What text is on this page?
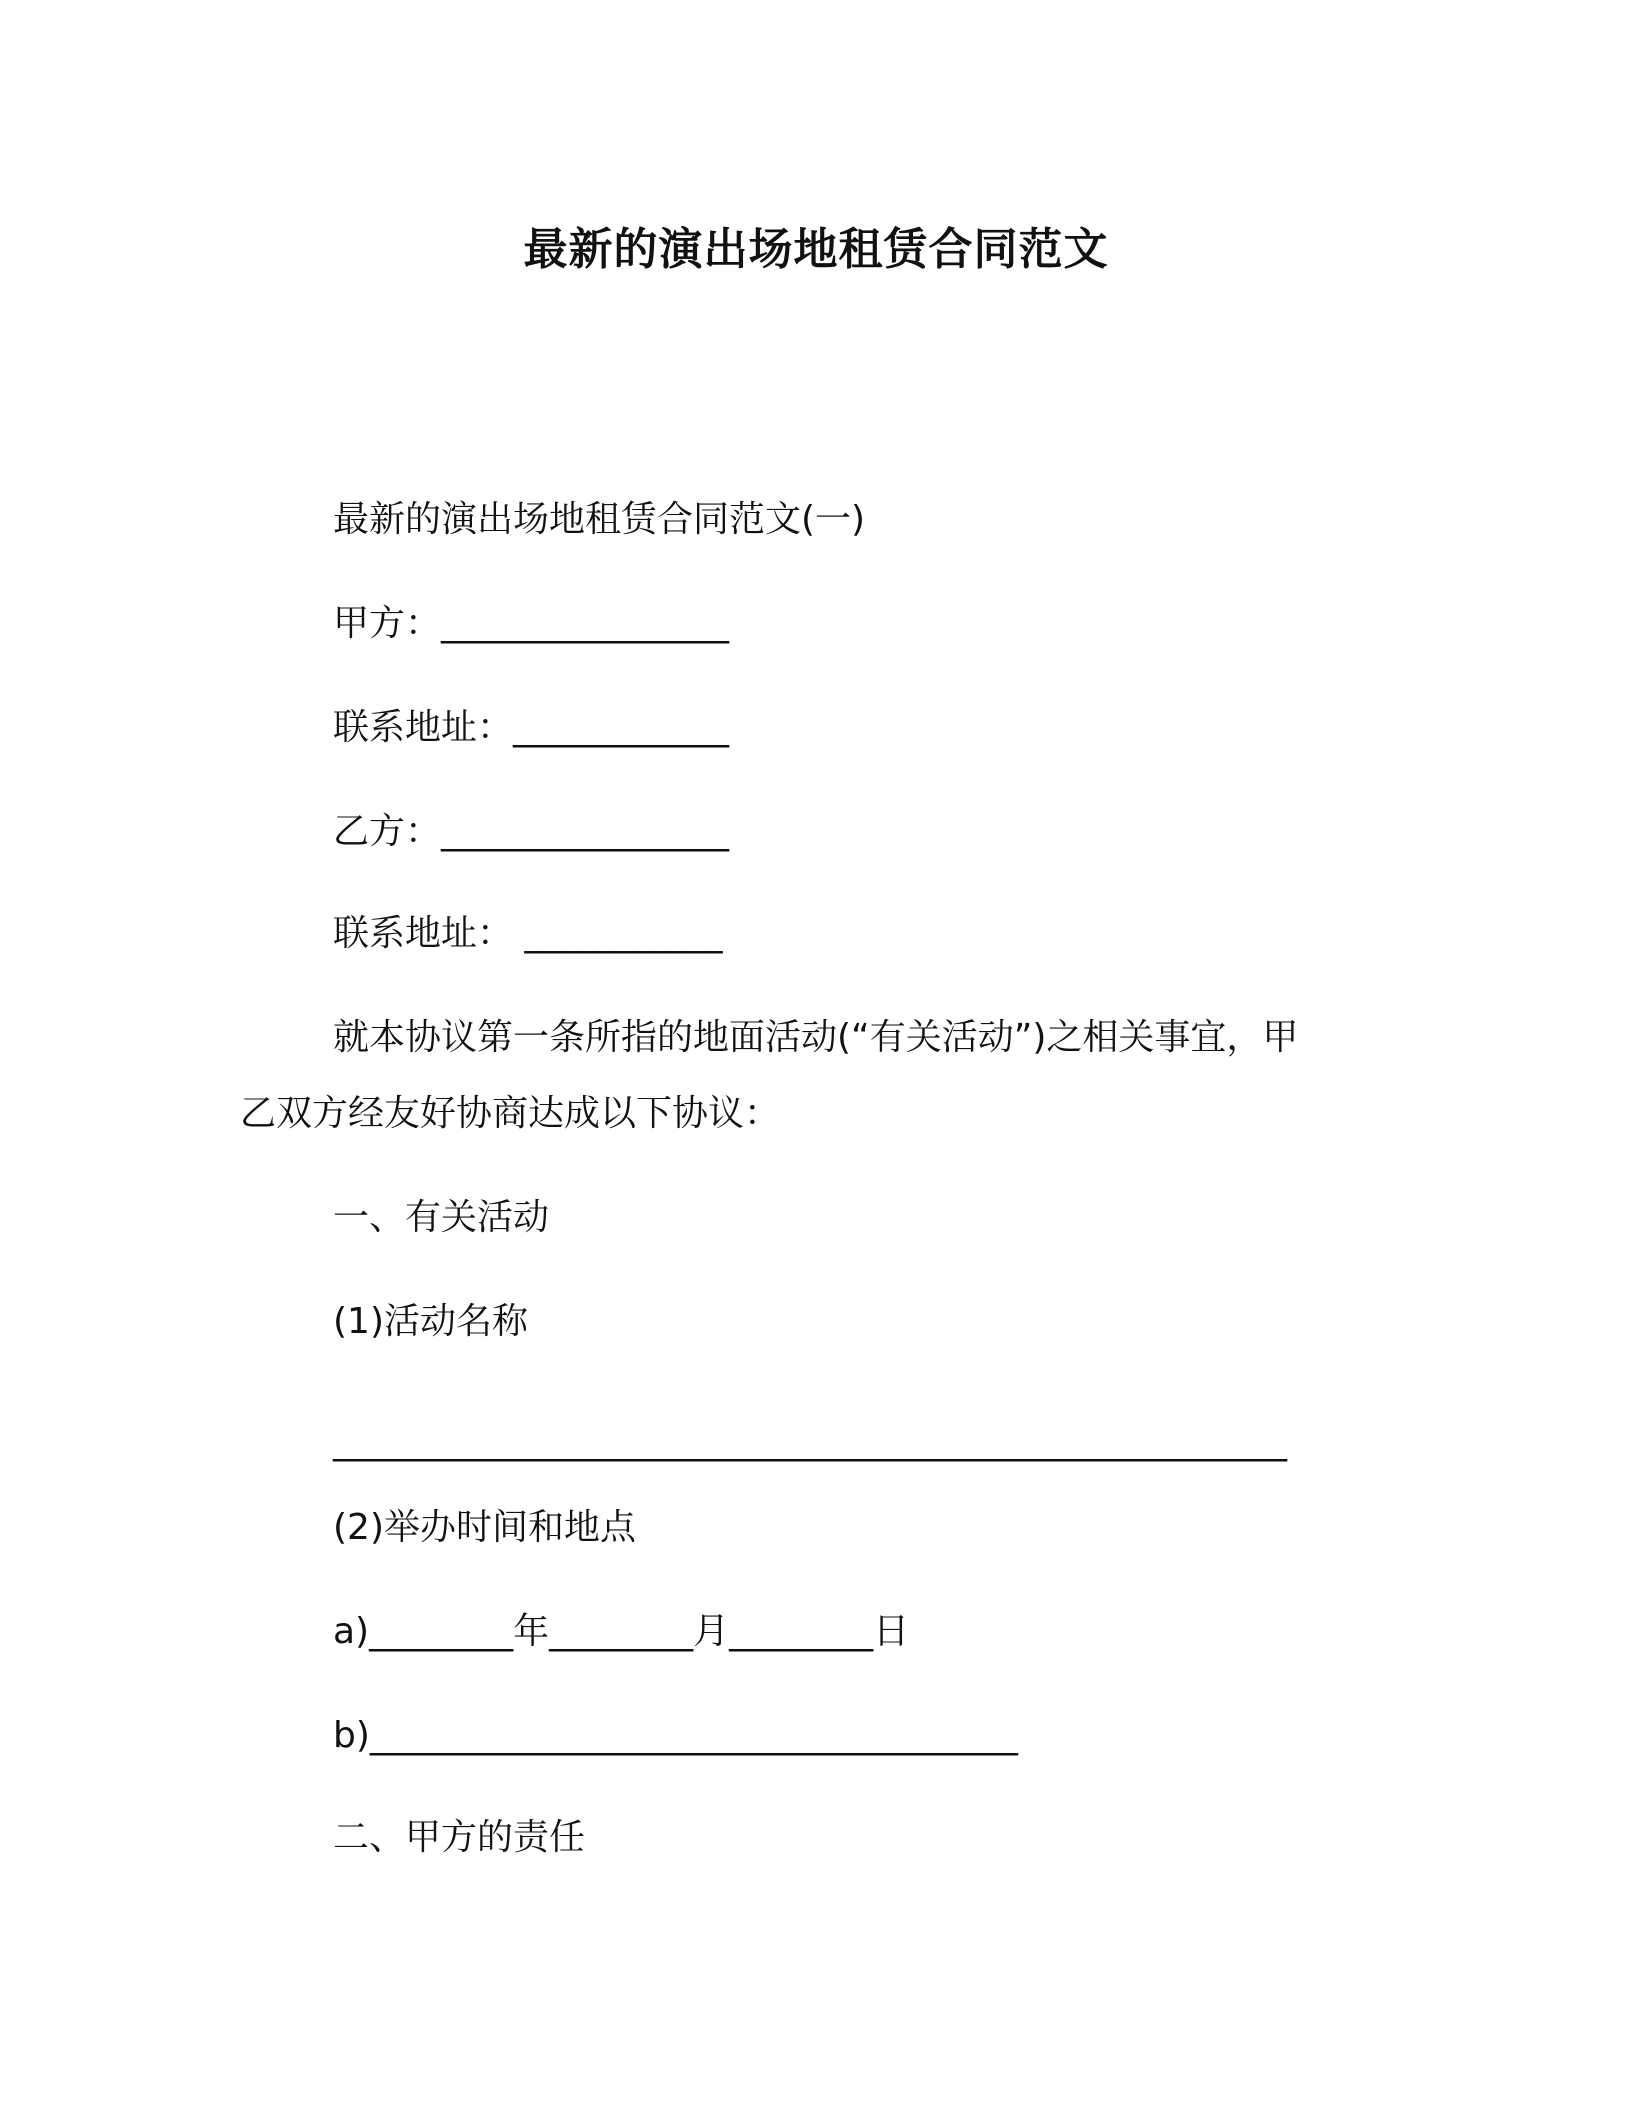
最新的演出场地租赁合同范文
最新的演出场地租赁合同范文(一)
甲方：________________
联系地址：____________
乙方：________________
联系地址： ___________
就本协议第一条所指的地面活动(“有关活动”)之相关事宜，甲
乙双方经友好协商达成以下协议：
一、有关活动
(1)活动名称
_____________________________________________________
(2)举办时间和地点
a)________年________月________日
b)____________________________________
二、甲方的责任
